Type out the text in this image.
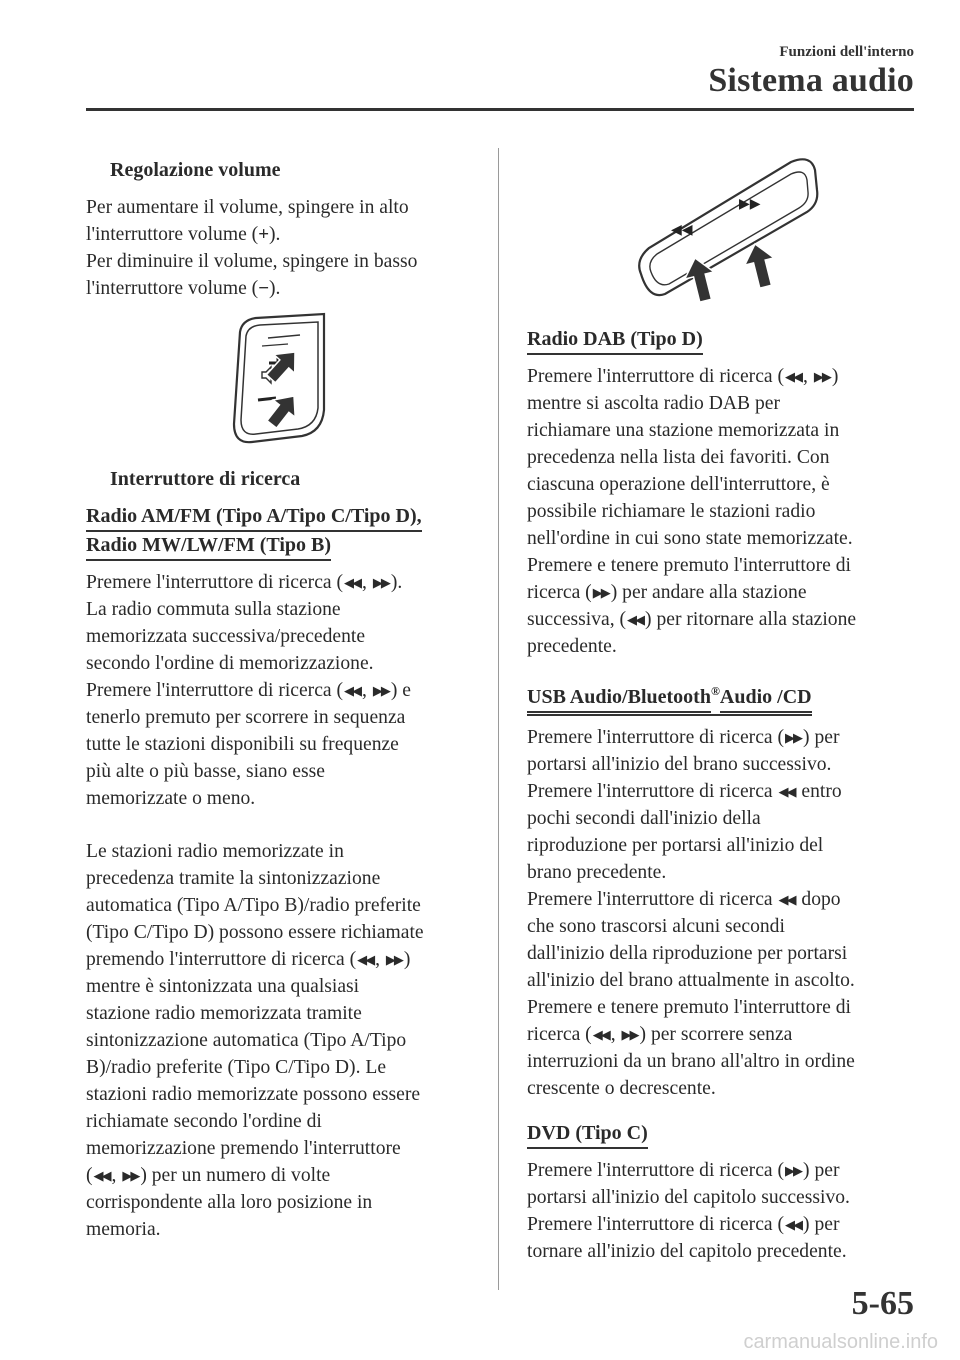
Funzioni dell'interno
Sistema audio
Regolazione volume

Per aumentare il volume, spingere in alto
l'interruttore volume (+).
Per diminuire il volume, spingere in basso
l'interruttore volume (−).

Interruttore di ricerca
Radio AM/FM (Tipo A/Tipo C/Tipo D),
Radio MW/LW/FM (Tipo B)

Premere l'interruttore di ricerca (◀◀ , ▶▶ ).
La radio commuta sulla stazione
memorizzata successiva/precedente
secondo l'ordine di memorizzazione.
Premere l'interruttore di ricerca (◀◀ , ▶▶ ) e
tenerlo premuto per scorrere in sequenza
tutte le stazioni disponibili su frequenze
più alte o più basse, siano esse
memorizzate o meno.

Le stazioni radio memorizzate in
precedenza tramite la sintonizzazione
automatica (Tipo A/Tipo B)/radio preferite
(Tipo C/Tipo D) possono essere richiamate
premendo l'interruttore di ricerca (◀◀ , ▶▶ )
mentre è sintonizzata una qualsiasi
stazione radio memorizzata tramite
sintonizzazione automatica (Tipo A/Tipo
B)/radio preferite (Tipo C/Tipo D). Le
stazioni radio memorizzate possono essere
richiamate secondo l'ordine di
memorizzazione premendo l'interruttore
(◀◀ , ▶▶ ) per un numero di volte
corrispondente alla loro posizione in
memoria.

◀◀
▶▶
Radio DAB (Tipo D)

Premere l'interruttore di ricerca (◀◀ , ▶▶ )
mentre si ascolta radio DAB per
richiamare una stazione memorizzata in
precedenza nella lista dei favoriti. Con
ciascuna operazione dell'interruttore, è
possibile richiamare le stazioni radio
nell'ordine in cui sono state memorizzate.
Premere e tenere premuto l'interruttore di
ricerca (▶▶ ) per andare alla stazione
successiva, (◀◀ ) per ritornare alla stazione
precedente.

USB Audio/Bluetooth®Audio /CD

Premere l'interruttore di ricerca (▶▶ ) per
portarsi all'inizio del brano successivo.
Premere l'interruttore di ricerca ◀◀ entro
pochi secondi dall'inizio della
riproduzione per portarsi all'inizio del
brano precedente.
Premere l'interruttore di ricerca ◀◀ dopo
che sono trascorsi alcuni secondi
dall'inizio della riproduzione per portarsi
all'inizio del brano attualmente in ascolto.
Premere e tenere premuto l'interruttore di
ricerca (◀◀ , ▶▶ ) per scorrere senza
interruzioni da un brano all'altro in ordine
crescente o decrescente.

DVD (Tipo C)

Premere l'interruttore di ricerca (▶▶ ) per
portarsi all'inizio del capitolo successivo.
Premere l'interruttore di ricerca (◀◀ ) per
tornare all'inizio del capitolo precedente.

5-65
carmanualsonline.info
